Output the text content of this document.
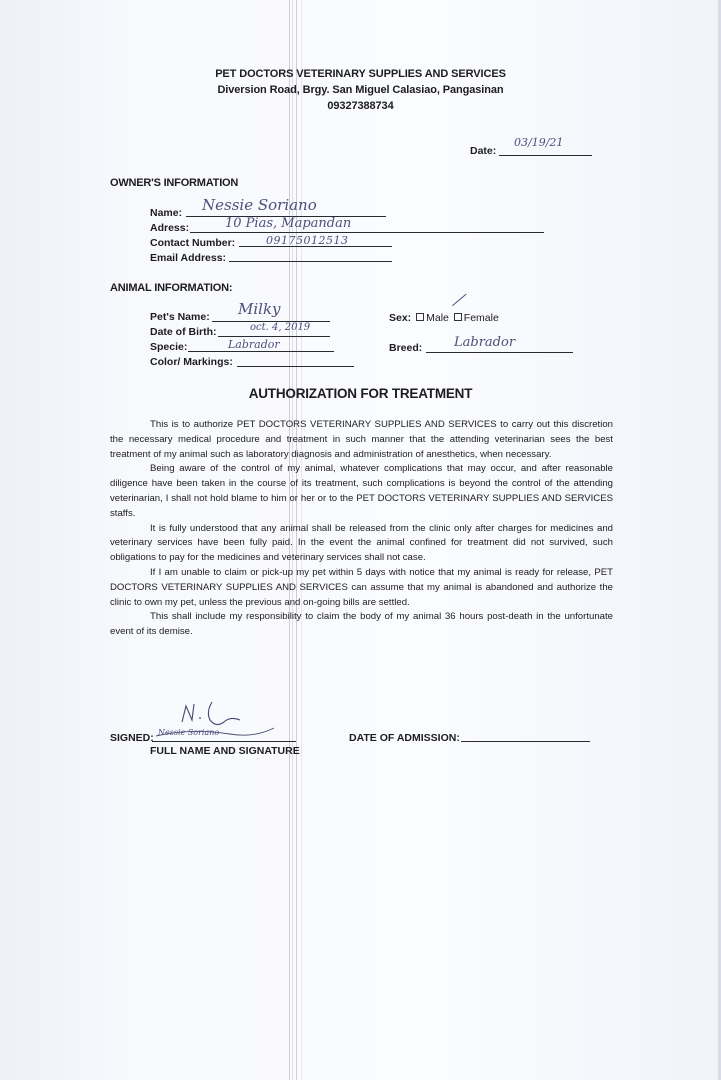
PET DOCTORS VETERINARY SUPPLIES AND SERVICES
Diversion Road, Brgy. San Miguel Calasiao, Pangasinan
09327388734
Date:
03/19/21
OWNER'S INFORMATION
Name: Nessie Soriano
Adress:	10 Pias, Mapandan
Contact Number:	09175012513
Email Address:
ANIMAL INFORMATION:
Pet's Name: Milky
Date of Birth:	oct. 4, 2019
Specie:	Labrador
Color/ Markings:
Sex: Male Female
Breed: Labrador
AUTHORIZATION FOR TREATMENT

This is to authorize PET DOCTORS VETERINARY SUPPLIES AND SERVICES to carry out this discretion the necessary medical procedure and treatment in such manner that the attending veterinarian sees the best treatment of my animal such as laboratory diagnosis and administration of anesthetics, when necessary.

Being aware of the control of my animal, whatever complications that may occur, and after reasonable diligence have been taken in the course of its treatment, such complications is beyond the control of the attending veterinarian, I shall not hold blame to him or her or to the PET DOCTORS VETERINARY SUPPLIES AND SERVICES staffs.

It is fully understood that any animal shall be released from the clinic only after charges for medicines and veterinary services have been fully paid. In the event the animal confined for treatment did not survived, such obligations to pay for the medicines and veterinary services shall not case.

If I am unable to claim or pick-up my pet within 5 days with notice that my animal is ready for release, PET DOCTORS VETERINARY SUPPLIES AND SERVICES can assume that my animal is abandoned and authorize the clinic to own my pet, unless the previous and on-going bills are settled.

This shall include my responsibility to claim the body of my animal 36 hours post-death in the unfortunate event of its demise.

SIGNED: Nessie Soriano
FULL NAME AND SIGNATURE
DATE OF ADMISSION:
